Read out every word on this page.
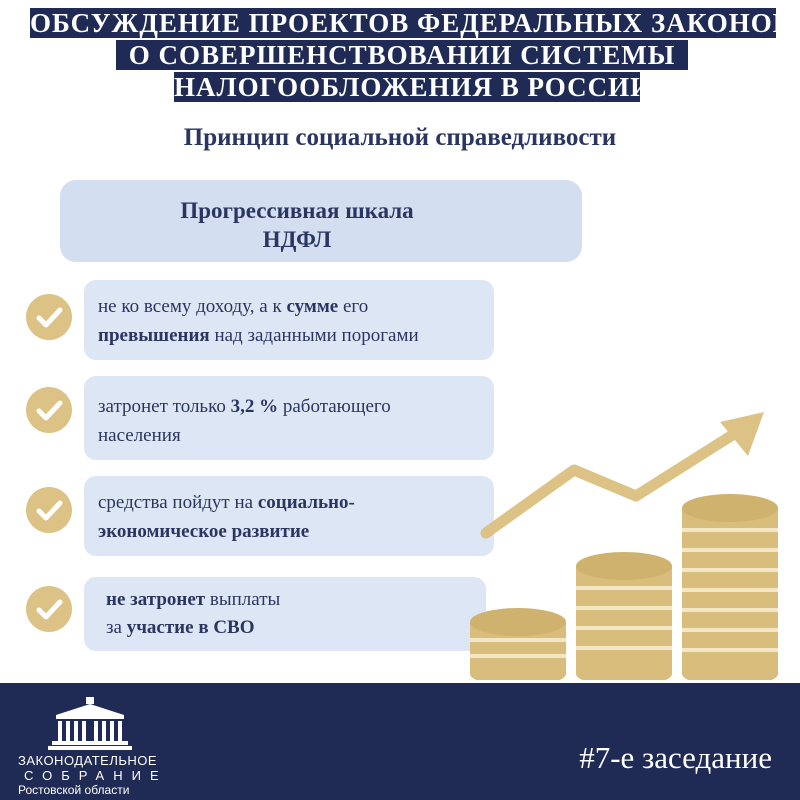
ОБСУЖДЕНИЕ ПРОЕКТОВ ФЕДЕРАЛЬНЫХ ЗАКОНОВ
О СОВЕРШЕНСТВОВАНИИ СИСТЕМЫ
НАЛОГООБЛОЖЕНИЯ В РОССИИ
Принцип социальной справедливости
Прогрессивная шкала
НДФЛ
не ко всему доходу, а к сумме его
превышения над заданными порогами
затронет только 3,2 % работающего
населения
средства пойдут на социально-
экономическое развитие
не затронет выплаты
за участие в СВО
ЗАКОНОДАТЕЛЬНОЕ
СОБРАНИЕ
Ростовской области
#7-е заседание
